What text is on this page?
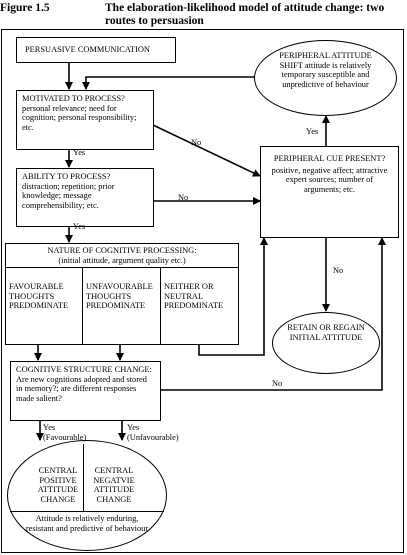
Figure 1.5	The elaboration-likelihood model of attitude change: two
routes to persuasion
PERSUASIVE COMMUNICATION
MOTIVATED TO PROCESS?
personal relevance; need for cognition; personal responsibility; etc.
ABILITY TO PROCESS?
distraction; repetition; prior knowledge; message comprehensibility; etc.
NATURE OF COGNITIVE PROCESSING:
(initial attitude, argument quality etc.)
FAVOURABLE THOUGHTS PREDOMINATE
UNFAVOURABLE THOUGHTS PREDOMINATE
NEITHER OR NEUTRAL PREDOMINATE
COGNITIVE STRUCTURE CHANGE:
Are new cognitions adopted and stored in memory?; are different responses made salient?
CENTRAL POSITIVE ATTITUDE CHANGE
CENTRAL NEGATVIE ATTITUDE CHANGE
Attitude is relatively enduring, resistant and predictive of behaviour
PERIPHERAL ATTITUDE SHIFT attitude is relatively temporary susceptible and unpredictive of behaviour
PERIPHERAL CUE PRESENT?
positive, negative affect; attractive expert sources; number of arguments; etc.
RETAIN OR REGAIN INITIAL ATTITUDE
Yes
No
Yes
No
Yes
(Favourable)
Yes
(Unfavourable)
No
Yes
No
